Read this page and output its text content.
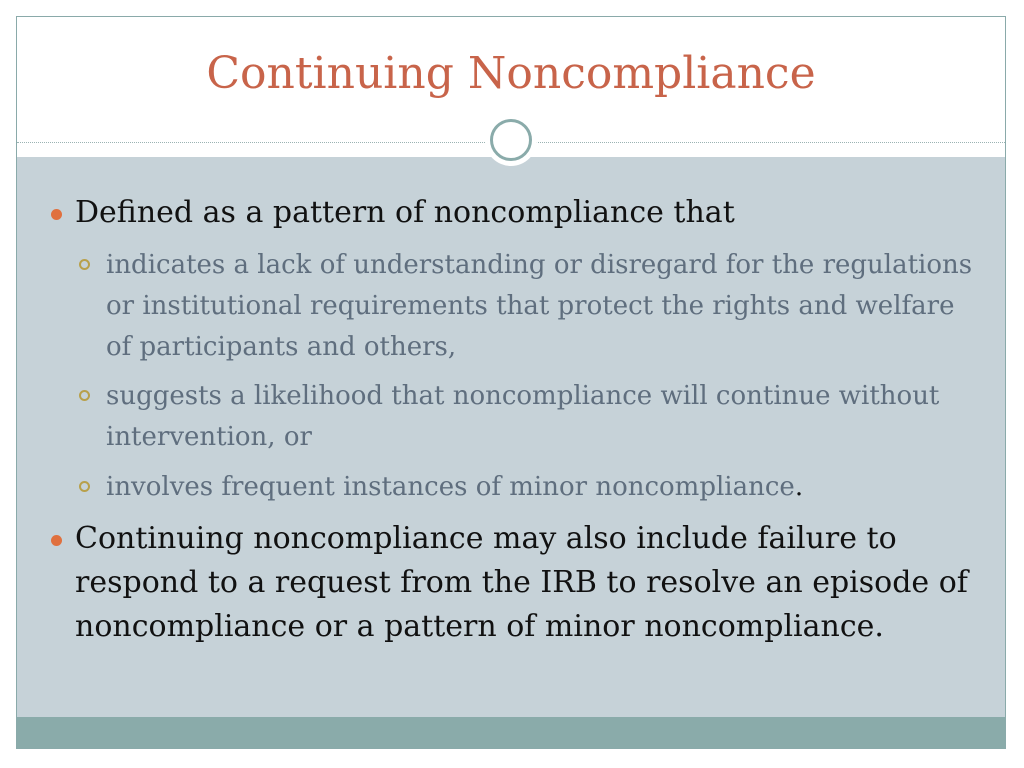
Continuing Noncompliance
Defined as a pattern of noncompliance that
indicates a lack of understanding or disregard for the regulations or institutional requirements that protect the rights and welfare of participants and others,
suggests a likelihood that noncompliance will continue without intervention, or
involves frequent instances of minor noncompliance.
Continuing noncompliance may also include failure to respond to a request from the IRB to resolve an episode of noncompliance or a pattern of minor noncompliance.
